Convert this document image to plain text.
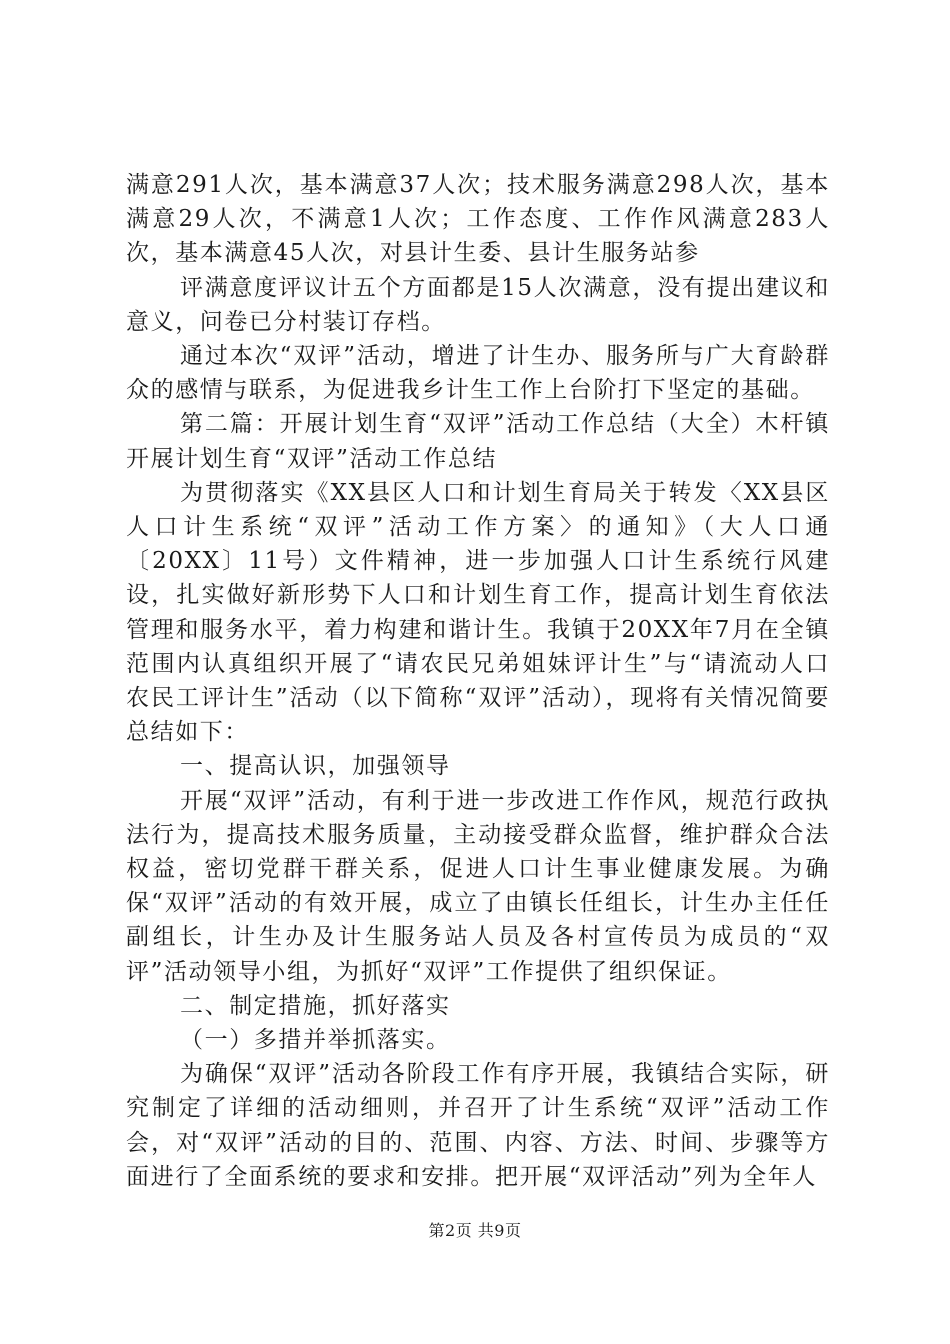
满意291人次，基本满意37人次；技术服务满意298人次，基本满意29人次，不满意1人次；工作态度、工作作风满意283人次，基本满意45人次，对县计生委、县计生服务站参

评满意度评议计五个方面都是15人次满意，没有提出建议和意义，问卷已分村装订存档。

通过本次“双评”活动，增进了计生办、服务所与广大育龄群众的感情与联系，为促进我乡计生工作上台阶打下坚定的基础。

第二篇：开展计划生育“双评”活动工作总结（大全）木杆镇开展计划生育“双评”活动工作总结

为贯彻落实《XX县区人口和计划生育局关于转发〈XX县区人口计生系统“双评”活动工作方案〉的通知》（大人口通〔20XX〕11号）文件精神，进一步加强人口计生系统行风建设，扎实做好新形势下人口和计划生育工作，提高计划生育依法管理和服务水平，着力构建和谐计生。我镇于20XX年7月在全镇范围内认真组织开展了“请农民兄弟姐妹评计生”与“请流动人口农民工评计生”活动（以下简称“双评”活动），现将有关情况简要总结如下：

一、提高认识，加强领导

开展“双评”活动，有利于进一步改进工作作风，规范行政执法行为，提高技术服务质量，主动接受群众监督，维护群众合法权益，密切党群干群关系，促进人口计生事业健康发展。为确保“双评”活动的有效开展，成立了由镇长任组长，计生办主任任副组长，计生办及计生服务站人员及各村宣传员为成员的“双评”活动领导小组，为抓好“双评”工作提供了组织保证。

二、制定措施，抓好落实

（一）多措并举抓落实。

为确保“双评”活动各阶段工作有序开展，我镇结合实际，研究制定了详细的活动细则，并召开了计生系统“双评”活动工作会，对“双评”活动的目的、范围、内容、方法、时间、步骤等方面进行了全面系统的要求和安排。把开展“双评活动”列为全年人

第2页 共9页
